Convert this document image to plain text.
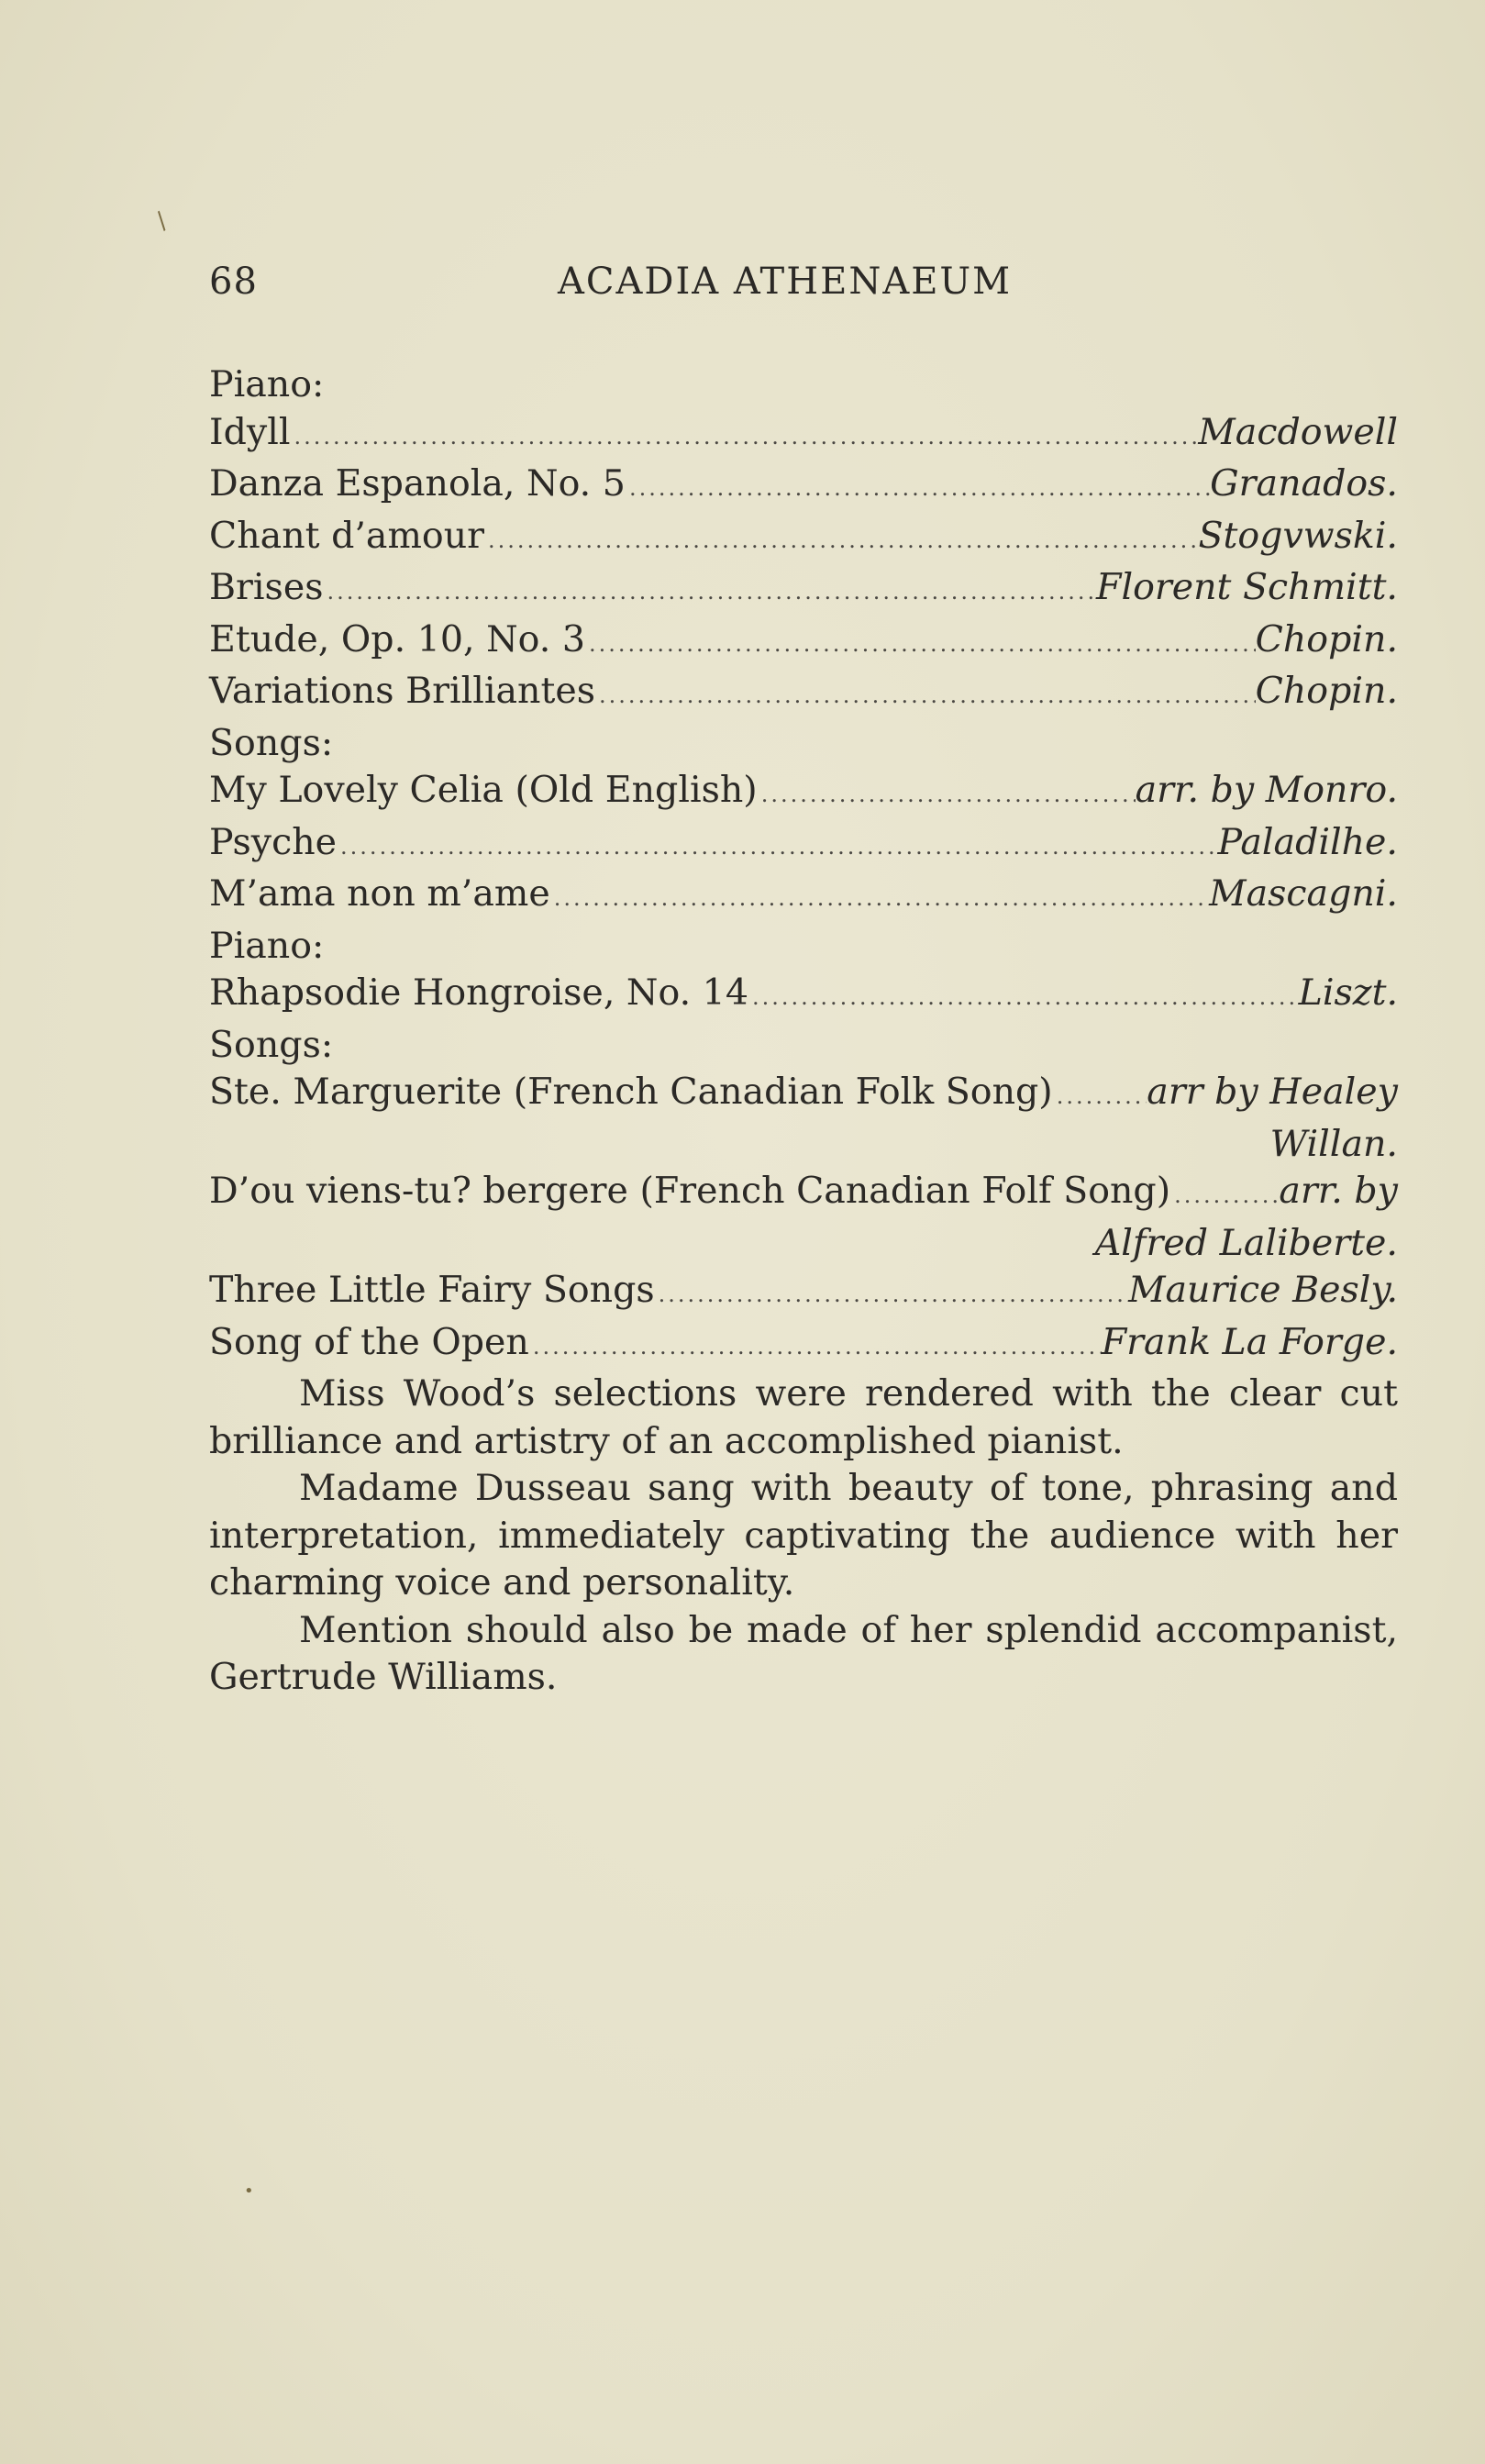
/
68	ACADIA ATHENAEUM
Piano:
Idyll .....	Macdowell
Danza Espanola, No. 5 .....	Granados.
Chant d’amour .....	Stogvwski.
Brises .....	Florent Schmitt.
Etude, Op. 10, No. 3 .....	Chopin.
Variations Brilliantes .....	Chopin.
Songs:
My Lovely Celia (Old English) .....	arr. by Monro.
Psyche .....	Paladilhe.
M’ama non m’ame .....	Mascagni.
Piano:
Rhapsodie Hongroise, No. 14 .....	Liszt.
Songs:
Ste. Marguerite (French Canadian Folk Song) .....	arr by Healey
Willan.
D’ou viens-tu? bergere (French Canadian Folf Song) .....	arr. by
Alfred Laliberte.
Three Little Fairy Songs .....	Maurice Besly.
Song of the Open .....	Frank La Forge.
Miss Wood’s selections were rendered with the clear cut brilliance and artistry of an accomplished pianist.
Madame Dusseau sang with beauty of tone, phrasing and interpretation, immediately captivating the audience with her charming voice and personality.
Mention should also be made of her splendid accompanist, Gertrude Williams.
•
